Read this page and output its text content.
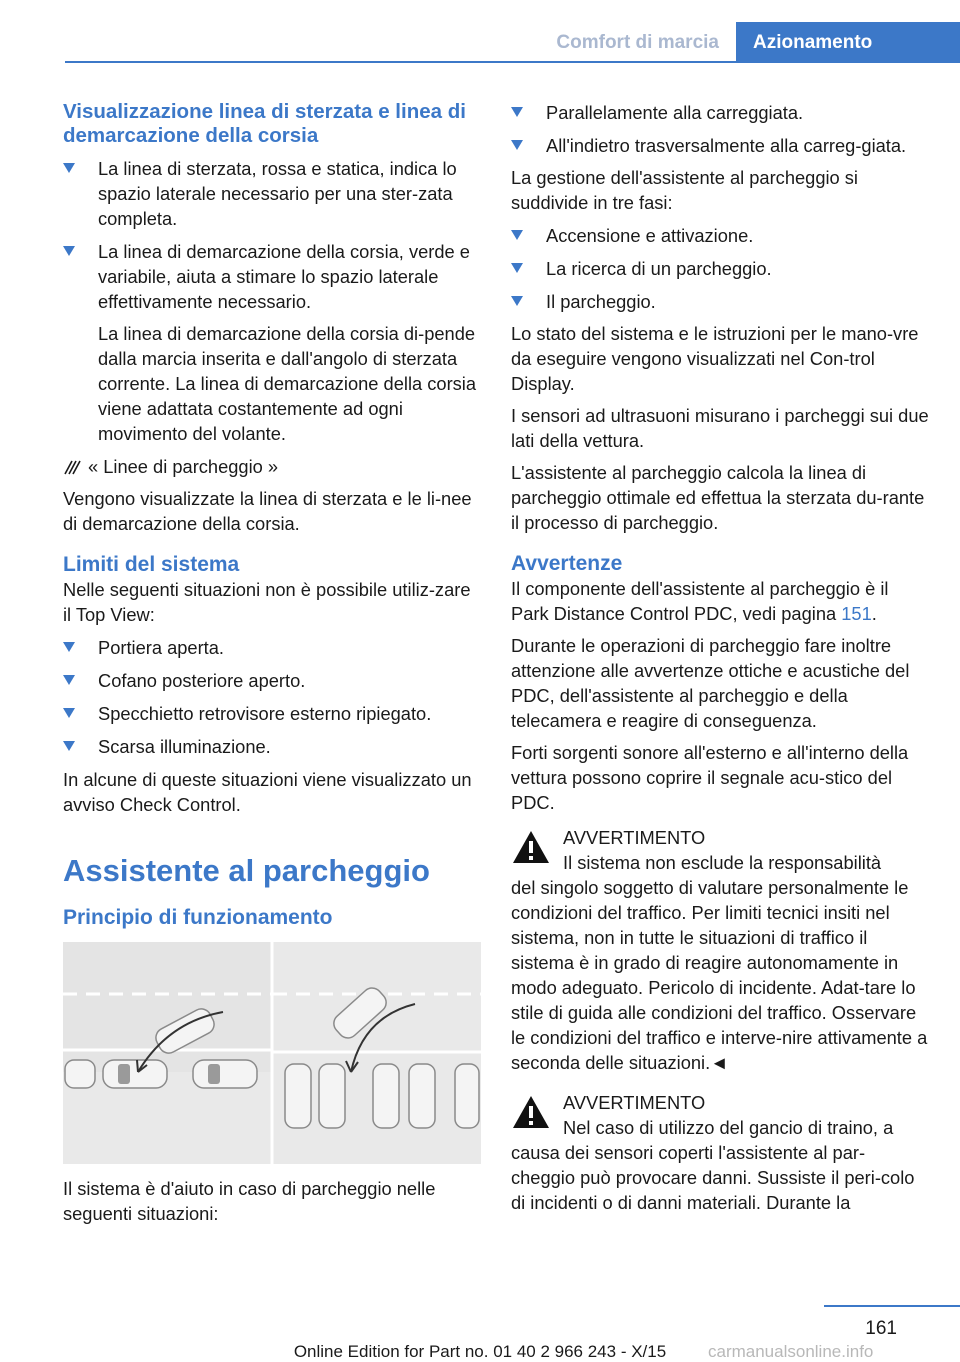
Comfort di marcia	Azionamento
Visualizzazione linea di sterzata e linea di demarcazione della corsia

La linea di sterzata, rossa e statica, indica lo spazio laterale necessario per una ster-zata completa.

La linea di demarcazione della corsia, verde e variabile, aiuta a stimare lo spazio laterale effettivamente necessario.

La linea di demarcazione della corsia di-pende dalla marcia inserita e dall'angolo di sterzata corrente. La linea di demarcazione della corsia viene adattata costantemente ad ogni movimento del volante.

« Linee di parcheggio »

Vengono visualizzate la linea di sterzata e le li-nee di demarcazione della corsia.

Limiti del sistema

Nelle seguenti situazioni non è possibile utiliz-zare il Top View:

Portiera aperta.

Cofano posteriore aperto.

Specchietto retrovisore esterno ripiegato.

Scarsa illuminazione.

In alcune di queste situazioni viene visualizzato un avviso Check Control.

Assistente al parcheggio
Principio di funzionamento

Il sistema è d'aiuto in caso di parcheggio nelle seguenti situazioni:

Parallelamente alla carreggiata.

All'indietro trasversalmente alla carreg-giata.

La gestione dell'assistente al parcheggio si suddivide in tre fasi:

Accensione e attivazione.

La ricerca di un parcheggio.

Il parcheggio.

Lo stato del sistema e le istruzioni per le mano-vre da eseguire vengono visualizzati nel Con-trol Display.

I sensori ad ultrasuoni misurano i parcheggi sui due lati della vettura.

L'assistente al parcheggio calcola la linea di parcheggio ottimale ed effettua la sterzata du-rante il processo di parcheggio.

Avvertenze

Il componente dell'assistente al parcheggio è il Park Distance Control PDC, vedi pagina 151.

Durante le operazioni di parcheggio fare inoltre attenzione alle avvertenze ottiche e acustiche del PDC, dell'assistente al parcheggio e della telecamera e reagire di conseguenza.

Forti sorgenti sonore all'esterno e all'interno della vettura possono coprire il segnale acu-stico del PDC.

AVVERTIMENTO

Il sistema non esclude la responsabilità

del singolo soggetto di valutare personalmente le condizioni del traffico. Per limiti tecnici insiti nel sistema, non in tutte le situazioni di traffico il sistema è in grado di reagire autonomamente in modo adeguato. Pericolo di incidente. Adat-tare lo stile di guida alle condizioni del traffico. Osservare le condizioni del traffico e interve-nire attivamente a seconda delle situazioni.◄

AVVERTIMENTO

Nel caso di utilizzo del gancio di traino, a

causa dei sensori coperti l'assistente al par-cheggio può provocare danni. Sussiste il peri-colo di incidenti o di danni materiali. Durante la

161
Online Edition for Part no. 01 40 2 966 243 - X/15	carmanualsonline.info
